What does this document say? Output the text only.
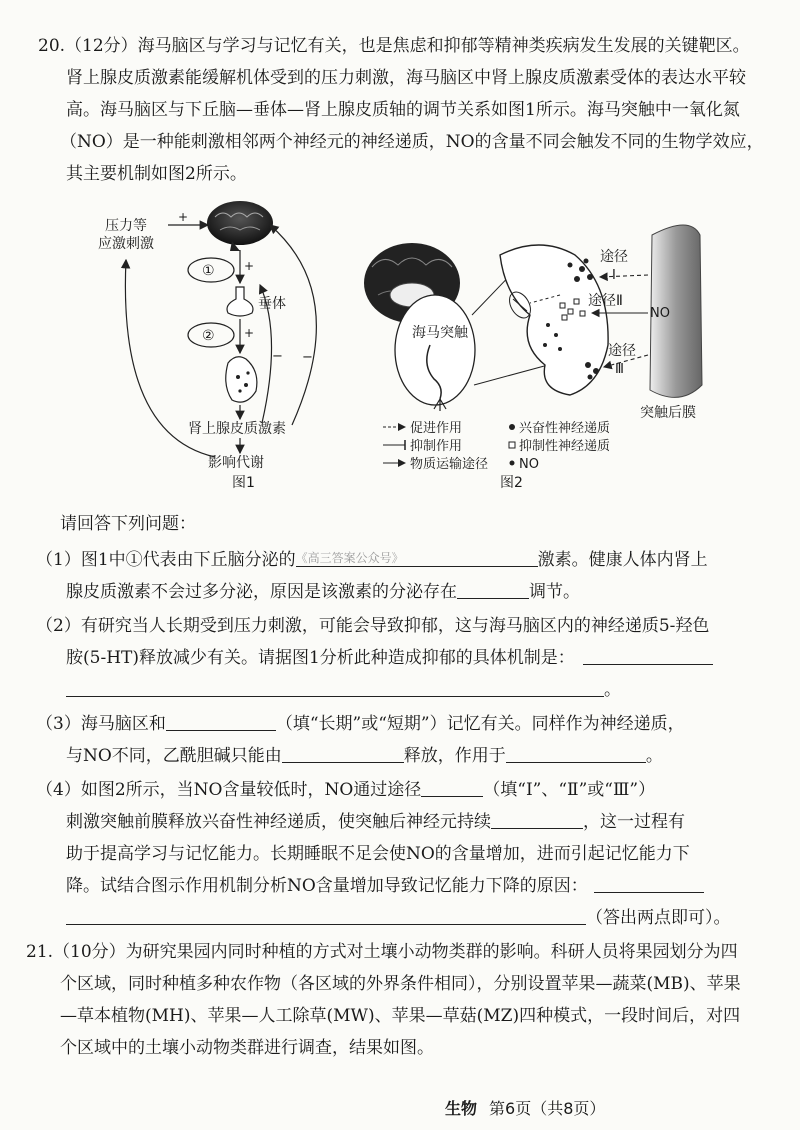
20.（12分）海马脑区与学习与记忆有关，也是焦虑和抑郁等精神类疾病发生发展的关键靶区。
肾上腺皮质激素能缓解机体受到的压力刺激，海马脑区中肾上腺皮质激素受体的表达水平较
高。海马脑区与下丘脑—垂体—肾上腺皮质轴的调节关系如图1所示。海马突触中一氧化氮
（NO）是一种能刺激相邻两个神经元的神经递质，NO的含量不同会触发不同的生物学效应，
其主要机制如图2所示。
压力等
应激刺激
+
+
①
垂体
+
②
肾上腺皮质激素
影响代谢
图1
− −
海马突触
途径
Ⅰ
途径Ⅱ
途径
Ⅲ
NO
突触后膜
促进作用
抑制作用
物质运输途径
兴奋性神经递质
抑制性神经递质
NO
图2
请回答下列问题：
（1）图1中①代表由下丘脑分泌的 《高三答案公众号》	激素。健康人体内肾上
腺皮质激素不会过多分泌，原因是该激素的分泌存在	调节。
（2）有研究当人长期受到压力刺激，可能会导致抑郁，这与海马脑区内的神经递质5-羟色
胺(5-HT)释放减少有关。请据图1分析此种造成抑郁的具体机制是：
。
（3）海马脑区和	（填“长期”或“短期”）记忆有关。同样作为神经递质，
与NO不同，乙酰胆碱只能由	释放，作用于	。
（4）如图2所示，当NO含量较低时，NO通过途径	（填“Ⅰ”、“Ⅱ”或“Ⅲ”）
刺激突触前膜释放兴奋性神经递质，使突触后神经元持续	，这一过程有
助于提高学习与记忆能力。长期睡眠不足会使NO的含量增加，进而引起记忆能力下
降。试结合图示作用机制分析NO含量增加导致记忆能力下降的原因：
（答出两点即可）。
21.（10分）为研究果园内同时种植的方式对土壤小动物类群的影响。科研人员将果园划分为四
个区域，同时种植多种农作物（各区域的外界条件相同），分别设置苹果—蔬菜(MB)、苹果
—草本植物(MH)、苹果—人工除草(MW)、苹果—草菇(MZ)四种模式，一段时间后，对四
个区域中的土壤小动物类群进行调查，结果如图。
生物 第6页（共8页）
